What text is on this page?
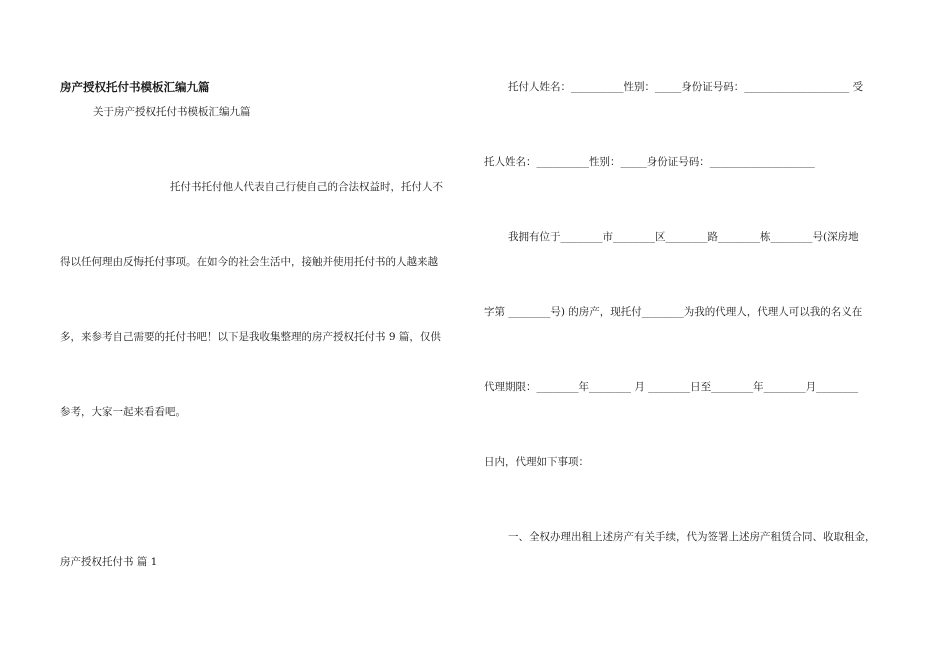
房产授权托付书模板汇编九篇
关于房产授权托付书模板汇编九篇
托付书托付他人代表自己行使自己的合法权益时，托付人不
得以任何理由反悔托付事项。在如今的社会生活中，接触并使用托付书的人越来越
多，来参考自己需要的托付书吧！以下是我收集整理的房产授权托付书 9 篇，仅供
参考，大家一起来看看吧。
房产授权托付书 篇 1
托付人姓名：__________性别：_____身份证号码：____________________ 受
托人姓名：__________性别：_____身份证号码：____________________
我拥有位于________市________区________路________栋________号(深房地
字第 ________号) 的房产，现托付________为我的代理人，代理人可以我的名义在
代理期限：________年________ 月 ________日至________年________月________
日内，代理如下事项：
一、全权办理出租上述房产有关手续，代为签署上述房产租赁合同、收取租金，
